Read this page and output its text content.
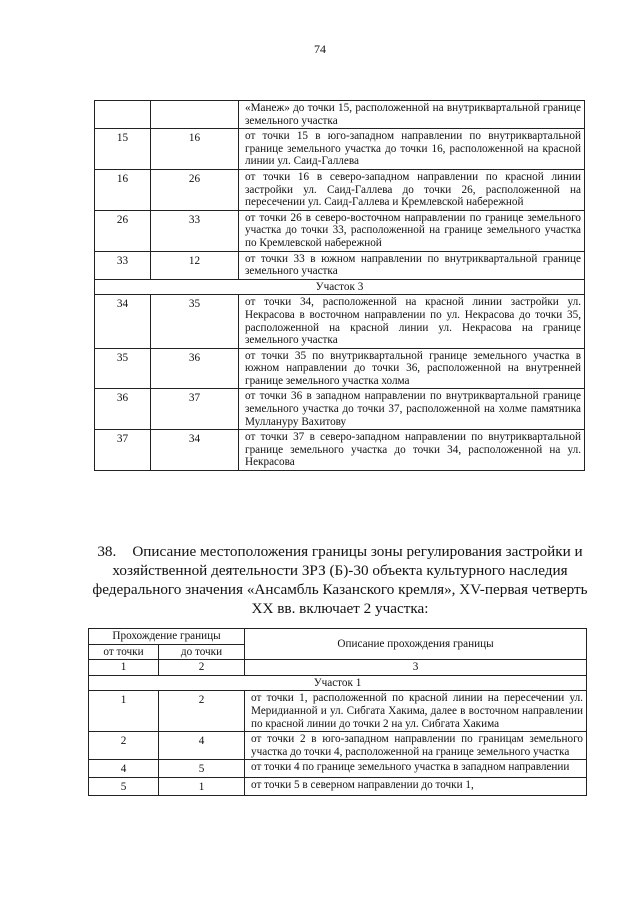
74
		«Манеж» до точки 15, расположенной на внутриквартальной границе земельного участка
15	16	от точки 15 в юго-западном направлении по внутриквартальной границе земельного участка до точки 16, расположенной на красной линии ул. Саид-Галлева
16	26	от точки 16 в северо-западном направлении по красной линии застройки ул. Саид-Галлева до точки 26, расположенной на пересечении ул. Саид-Галлева и Кремлевской набережной
26	33	от точки 26 в северо-восточном направлении по границе земельного участка до точки 33, расположенной на границе земельного участка по Кремлевской набережной
33	12	от точки 33 в южном направлении по внутриквартальной границе земельного участка
Участок 3		
34	35	от точки 34, расположенной на красной линии застройки ул. Некрасова в восточном направлении по ул. Некрасова до точки 35, расположенной на красной линии ул. Некрасова на границе земельного участка
35	36	от точки 35 по внутриквартальной границе земельного участка в южном направлении до точки 36, расположенной на внутренней границе земельного участка холма
36	37	от точки 36 в западном направлении по внутриквартальной границе земельного участка до точки 37, расположенной на холме памятника Мулланyру Вахитову
37	34	от точки 37 в северо-западном направлении по внутриквартальной границе земельного участка до точки 34, расположенной на ул. Некрасова
38. Описание местоположения границы зоны регулирования застройки и хозяйственной деятельности ЗРЗ (Б)-30 объекта культурного наследия федерального значения «Ансамбль Казанского кремля», XV-первая четверть XX вв. включает 2 участка:
Прохождение границы		Описание прохождения границы
от точки	до точки	
1	2	3
Участок 1		
1	2	от точки 1, расположенной по красной линии на пересечении ул. Меридианной и ул. Сибгата Хакима, далее в восточном направлении по красной линии до точки 2 на ул. Сибгата Хакима
2	4	от точки 2 в юго-западном направлении по границам земельного участка до точки 4, расположенной на границе земельного участка
4	5	от точки 4 по границе земельного участка в западном направлении
5	1	от точки 5 в северном направлении до точки 1,
